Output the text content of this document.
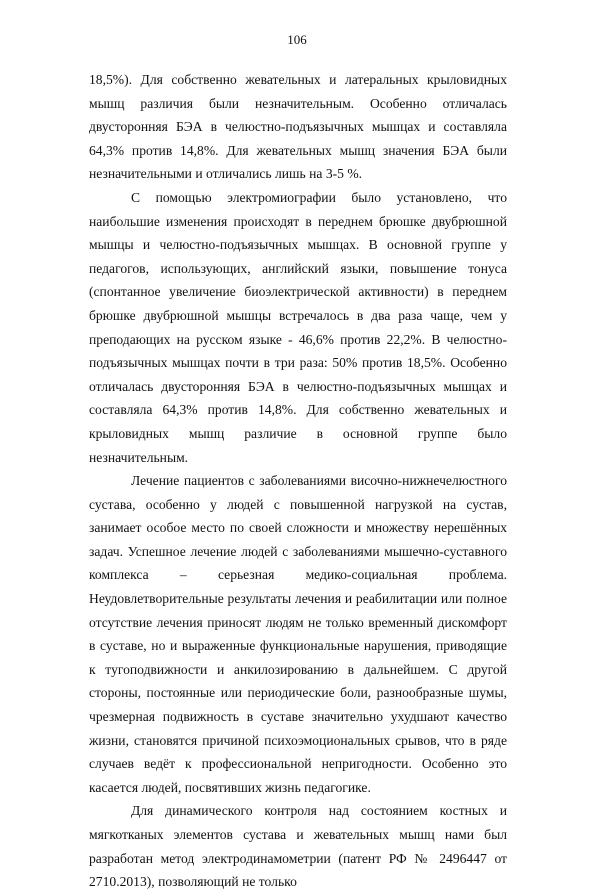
106

18,5%). Для собственно жевательных и латеральных крыловидных мышц различия были незначительным. Особенно отличалась двусторонняя БЭА в челюстно-подъязычных мышцах и составляла 64,3% против 14,8%. Для жевательных мышц значения БЭА были незначительными и отличались лишь на 3-5 %.

С помощью электромиографии было установлено, что наибольшие изменения происходят в переднем брюшке двубрюшной мышцы и челюстно-подъязычных мышцах. В основной группе у педагогов, использующих, английский языки, повышение тонуса (спонтанное увеличение биоэлектрической активности) в переднем брюшке двубрюшной мышцы встречалось в два раза чаще, чем у преподающих на русском языке - 46,6% против 22,2%. В челюстно-подъязычных мышцах почти в три раза: 50% против 18,5%. Особенно отличалась двусторонняя БЭА в челюстно-подъязычных мышцах и составляла 64,3% против 14,8%. Для собственно жевательных и крыловидных мышц различие в основной группе было незначительным.

Лечение пациентов с заболеваниями височно-нижнечелюстного сустава, особенно у людей с повышенной нагрузкой на сустав, занимает особое место по своей сложности и множеству нерешённых задач. Успешное лечение людей с заболеваниями мышечно-суставного комплекса – серьезная медико-социальная проблема. Неудовлетворительные результаты лечения и реабилитации или полное отсутствие лечения приносят людям не только временный дискомфорт в суставе, но и выраженные функциональные нарушения, приводящие к тугоподвижности и анкилозированию в дальнейшем. С другой стороны, постоянные или периодические боли, разнообразные шумы, чрезмерная подвижность в суставе значительно ухудшают качество жизни, становятся причиной психоэмоциональных срывов, что в ряде случаев ведёт к профессиональной непригодности. Особенно это касается людей, посвятивших жизнь педагогике.

Для динамического контроля над состоянием костных и мягкотканых элементов сустава и жевательных мышц нами был разработан метод электродинамометрии (патент РФ № 2496447 от 2710.2013), позволяющий не только
